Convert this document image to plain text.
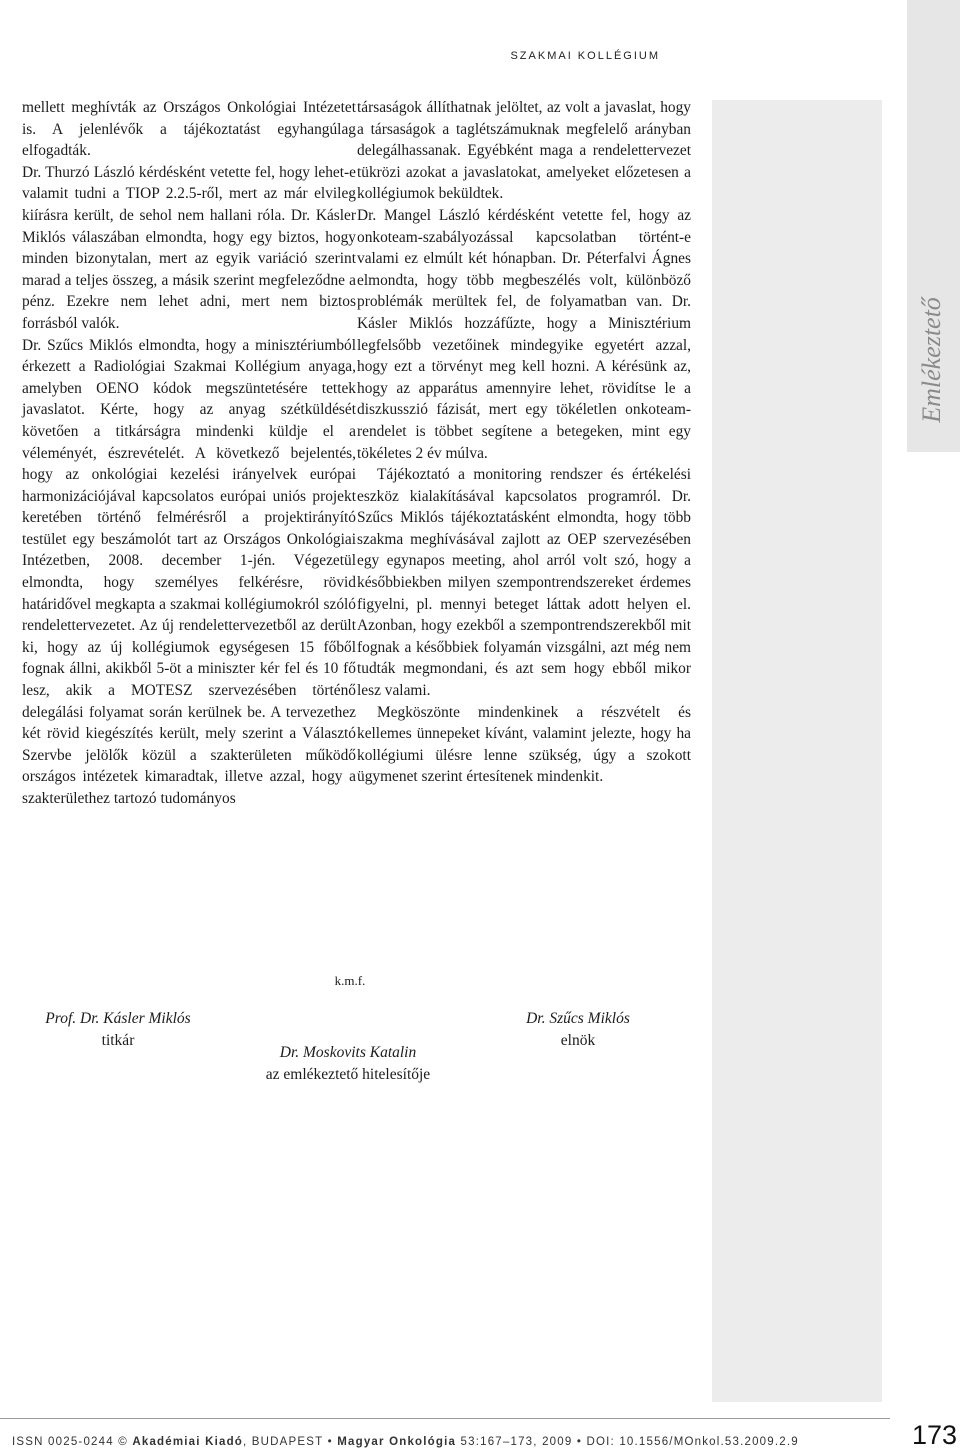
Emlékeztető
SZAKMAI KOLLÉGIUM

mellett meghívták az Országos Onkológiai Intézetet is. A jelenlévők a tájékoztatást egyhangúlag elfogadták.

Dr. Thurzó László kérdésként vetette fel, hogy lehet-e valamit tudni a TIOP 2.2.5-ről, mert az már elvileg kiírásra került, de sehol nem hallani róla. Dr. Kásler Miklós válaszában elmondta, hogy egy biztos, hogy minden bizonytalan, mert az egyik variáció szerint marad a teljes összeg, a másik szerint megfeleződne a pénz. Ezekre nem lehet adni, mert nem biztos forrásból valók.

Dr. Szűcs Miklós elmondta, hogy a minisztériumból érkezett a Radiológiai Szakmai Kollégium anyaga, amelyben OENO kódok megszüntetésére tettek javaslatot. Kérte, hogy az anyag szétküldését követően a titkárságra mindenki küldje el a véleményét, észrevételét. A következő bejelentés, hogy az onkológiai kezelési irányelvek európai harmonizációjával kapcsolatos európai uniós projekt keretében történő felmérésről a projektirányító testület egy beszámolót tart az Országos Onkológiai Intézetben, 2008. december 1-jén. Végezetül elmondta, hogy személyes felkérésre, rövid határidővel megkapta a szakmai kollégiumokról szóló rendelettervezetet. Az új rendelettervezetből az derült ki, hogy az új kollégiumok egységesen 15 főből fognak állni, akikből 5-öt a miniszter kér fel és 10 fő lesz, akik a MOTESZ szervezésében történő delegálási folyamat során kerülnek be. A tervezethez két rövid kiegészítés került, mely szerint a Választó Szervbe jelölők közül a szakterületen működő országos intézetek kimaradtak, illetve azzal, hogy a szakterülethez tartozó tudományos

társaságok állíthatnak jelöltet, az volt a javaslat, hogy a társaságok a taglétszámuknak megfelelő arányban delegálhassanak. Egyébként maga a rendelettervezet tükrözi azokat a javaslatokat, amelyeket előzetesen a kollégiumok beküldtek.

Dr. Mangel László kérdésként vetette fel, hogy az onkoteam-szabályozással kapcsolatban történt-e valami ez elmúlt két hónapban. Dr. Péterfalvi Ágnes elmondta, hogy több megbeszélés volt, különböző problémák merültek fel, de folyamatban van. Dr. Kásler Miklós hozzáfűzte, hogy a Minisztérium legfelsőbb vezetőinek mindegyike egyetért azzal, hogy ezt a törvényt meg kell hozni. A kérésünk az, hogy az apparátus amennyire lehet, rövidítse le a diszkusszió fázisát, mert egy tökéletlen onkoteam-rendelet is többet segítene a betegeken, mint egy tökéletes 2 év múlva.

Tájékoztató a monitoring rendszer és értékelési eszköz kialakításával kapcsolatos programról. Dr. Szűcs Miklós tájékoztatásként elmondta, hogy több szakma meghívásával zajlott az OEP szervezésében egy egynapos meeting, ahol arról volt szó, hogy a későbbiekben milyen szempontrendszereket érdemes figyelni, pl. mennyi beteget láttak adott helyen el. Azonban, hogy ezekből a szempontrendszerekből mit fognak a későbbiek folyamán vizsgálni, azt még nem tudták megmondani, és azt sem hogy ebből mikor lesz valami.

Megköszönte mindenkinek a részvételt és kellemes ünnepeket kívánt, valamint jelezte, hogy ha kollégiumi ülésre lenne szükség, úgy a szokott ügymenet szerint értesítenek mindenkit.

k.m.f.
Prof. Dr. Kásler Miklós
titkár
Dr. Moskovits Katalin
az emlékeztető hitelesítője
Dr. Szűcs Miklós
elnök
ISSN 0025-0244 © Akadémiai Kiadó, BUDAPEST • Magyar Onkológia 53:167–173, 2009 • DOI: 10.1556/MOnkol.53.2009.2.9	173
